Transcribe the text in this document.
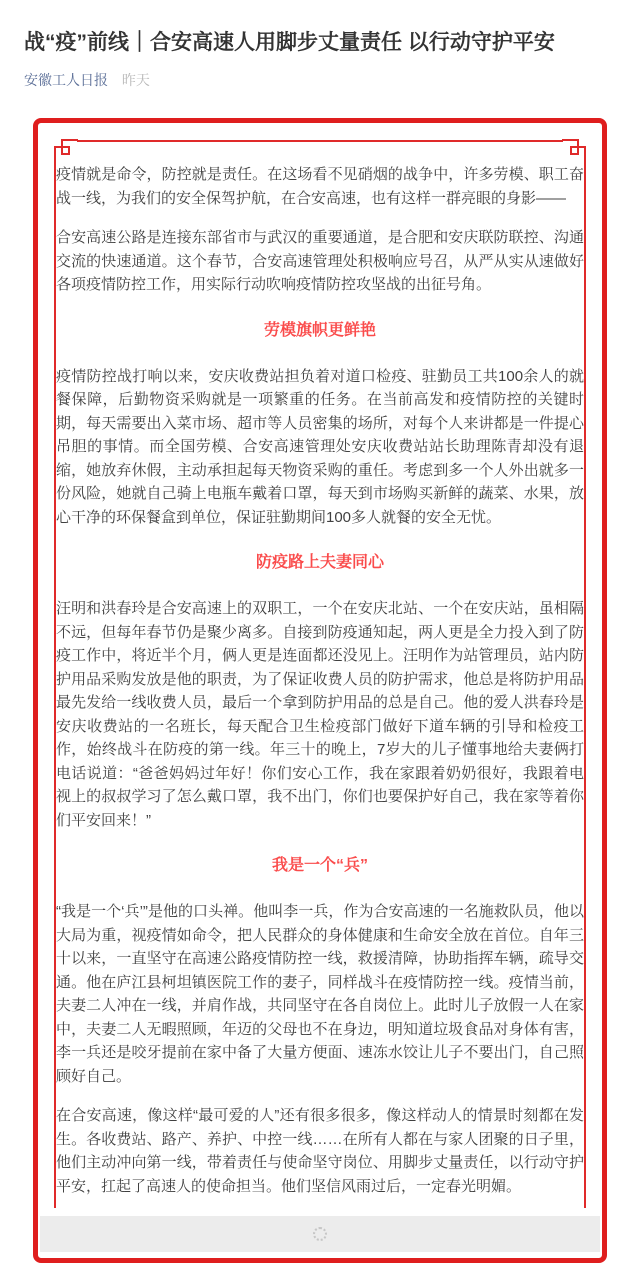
战“疫”前线｜合安高速人用脚步丈量责任 以行动守护平安
安徽工人日报 昨天

疫情就是命令，防控就是责任。在这场看不见硝烟的战争中，许多劳模、职工奋战一线，为我们的安全保驾护航，在合安高速，也有这样一群亮眼的身影——

合安高速公路是连接东部省市与武汉的重要通道，是合肥和安庆联防联控、沟通交流的快速通道。这个春节，合安高速管理处积极响应号召，从严从实从速做好各项疫情防控工作，用实际行动吹响疫情防控攻坚战的出征号角。

劳模旗帜更鲜艳

疫情防控战打响以来，安庆收费站担负着对道口检疫、驻勤员工共100余人的就餐保障，后勤物资采购就是一项繁重的任务。在当前高发和疫情防控的关键时期，每天需要出入菜市场、超市等人员密集的场所，对每个人来讲都是一件提心吊胆的事情。而全国劳模、合安高速管理处安庆收费站站长助理陈青却没有退缩，她放弃休假，主动承担起每天物资采购的重任。考虑到多一个人外出就多一份风险，她就自己骑上电瓶车戴着口罩，每天到市场购买新鲜的蔬菜、水果，放心干净的环保餐盒到单位，保证驻勤期间100多人就餐的安全无忧。

防疫路上夫妻同心

汪明和洪春玲是合安高速上的双职工，一个在安庆北站、一个在安庆站，虽相隔不远，但每年春节仍是聚少离多。自接到防疫通知起，两人更是全力投入到了防疫工作中，将近半个月，俩人更是连面都还没见上。汪明作为站管理员，站内防护用品采购发放是他的职责，为了保证收费人员的防护需求，他总是将防护用品最先发给一线收费人员，最后一个拿到防护用品的总是自己。他的爱人洪春玲是安庆收费站的一名班长，每天配合卫生检疫部门做好下道车辆的引导和检疫工作，始终战斗在防疫的第一线。年三十的晚上，7岁大的儿子懂事地给夫妻俩打电话说道：“爸爸妈妈过年好！你们安心工作，我在家跟着奶奶很好，我跟着电视上的叔叔学习了怎么戴口罩，我不出门，你们也要保护好自己，我在家等着你们平安回来！”

我是一个“兵”

“我是一个‘兵’”是他的口头禅。他叫李一兵，作为合安高速的一名施救队员，他以大局为重，视疫情如命令，把人民群众的身体健康和生命安全放在首位。自年三十以来，一直坚守在高速公路疫情防控一线，救援清障，协助指挥车辆，疏导交通。他在庐江县柯坦镇医院工作的妻子，同样战斗在疫情防控一线。疫情当前，夫妻二人冲在一线，并肩作战，共同坚守在各自岗位上。此时儿子放假一人在家中，夫妻二人无暇照顾，年迈的父母也不在身边，明知道垃圾食品对身体有害，李一兵还是咬牙提前在家中备了大量方便面、速冻水饺让儿子不要出门，自己照顾好自己。

在合安高速，像这样“最可爱的人”还有很多很多，像这样动人的情景时刻都在发生。各收费站、路产、养护、中控一线……在所有人都在与家人团聚的日子里，他们主动冲向第一线，带着责任与使命坚守岗位、用脚步丈量责任，以行动守护平安，扛起了高速人的使命担当。他们坚信风雨过后，一定春光明媚。
